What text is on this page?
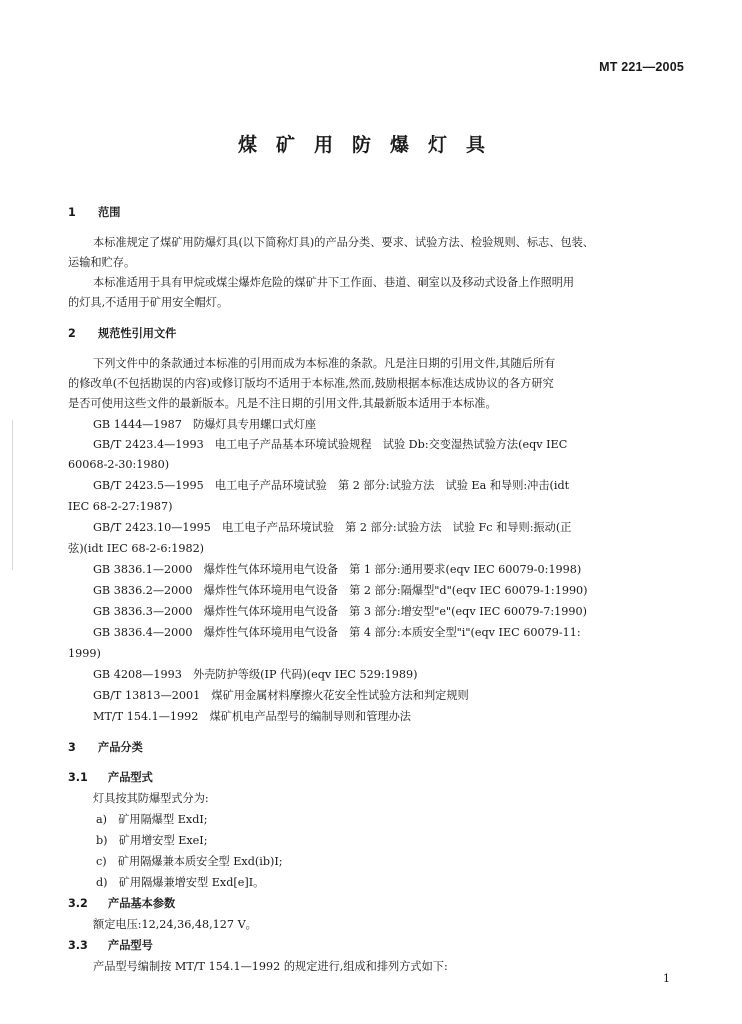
MT 221—2005
煤矿用防爆灯具
1 范围
本标准规定了煤矿用防爆灯具(以下简称灯具)的产品分类、要求、试验方法、检验规则、标志、包装、
运输和贮存。
本标准适用于具有甲烷或煤尘爆炸危险的煤矿井下工作面、巷道、硐室以及移动式设备上作照明用
的灯具,不适用于矿用安全帽灯。
2 规范性引用文件
下列文件中的条款通过本标准的引用而成为本标准的条款。凡是注日期的引用文件,其随后所有
的修改单(不包括勘误的内容)或修订版均不适用于本标准,然而,鼓励根据本标准达成协议的各方研究
是否可使用这些文件的最新版本。凡是不注日期的引用文件,其最新版本适用于本标准。
GB 1444—1987　防爆灯具专用螺口式灯座
GB/T 2423.4—1993　电工电子产品基本环境试验规程　试验 Db:交变湿热试验方法(eqv IEC
60068-2-30:1980)
GB/T 2423.5—1995　电工电子产品环境试验　第 2 部分:试验方法　试验 Ea 和导则:冲击(idt
IEC 68-2-27:1987)
GB/T 2423.10—1995　电工电子产品环境试验　第 2 部分:试验方法　试验 Fc 和导则:振动(正
弦)(idt IEC 68-2-6:1982)
GB 3836.1—2000　爆炸性气体环境用电气设备　第 1 部分:通用要求(eqv IEC 60079-0:1998)
GB 3836.2—2000　爆炸性气体环境用电气设备　第 2 部分:隔爆型"d"(eqv IEC 60079-1:1990)
GB 3836.3—2000　爆炸性气体环境用电气设备　第 3 部分:增安型"e"(eqv IEC 60079-7:1990)
GB 3836.4—2000　爆炸性气体环境用电气设备　第 4 部分:本质安全型"i"(eqv IEC 60079-11:
1999)
GB 4208—1993　外壳防护等级(IP 代码)(eqv IEC 529:1989)
GB/T 13813—2001　煤矿用金属材料摩擦火花安全性试验方法和判定规则
MT/T 154.1—1992　煤矿机电产品型号的编制导则和管理办法
3 产品分类
3.1 产品型式
灯具按其防爆型式分为:
a)　矿用隔爆型 ExdI;
b)　矿用增安型 ExeI;
c)　矿用隔爆兼本质安全型 Exd(ib)I;
d)　矿用隔爆兼增安型 Exd[e]I。
3.2 产品基本参数
额定电压:12,24,36,48,127 V。
3.3 产品型号
产品型号编制按 MT/T 154.1—1992 的规定进行,组成和排列方式如下:
1
